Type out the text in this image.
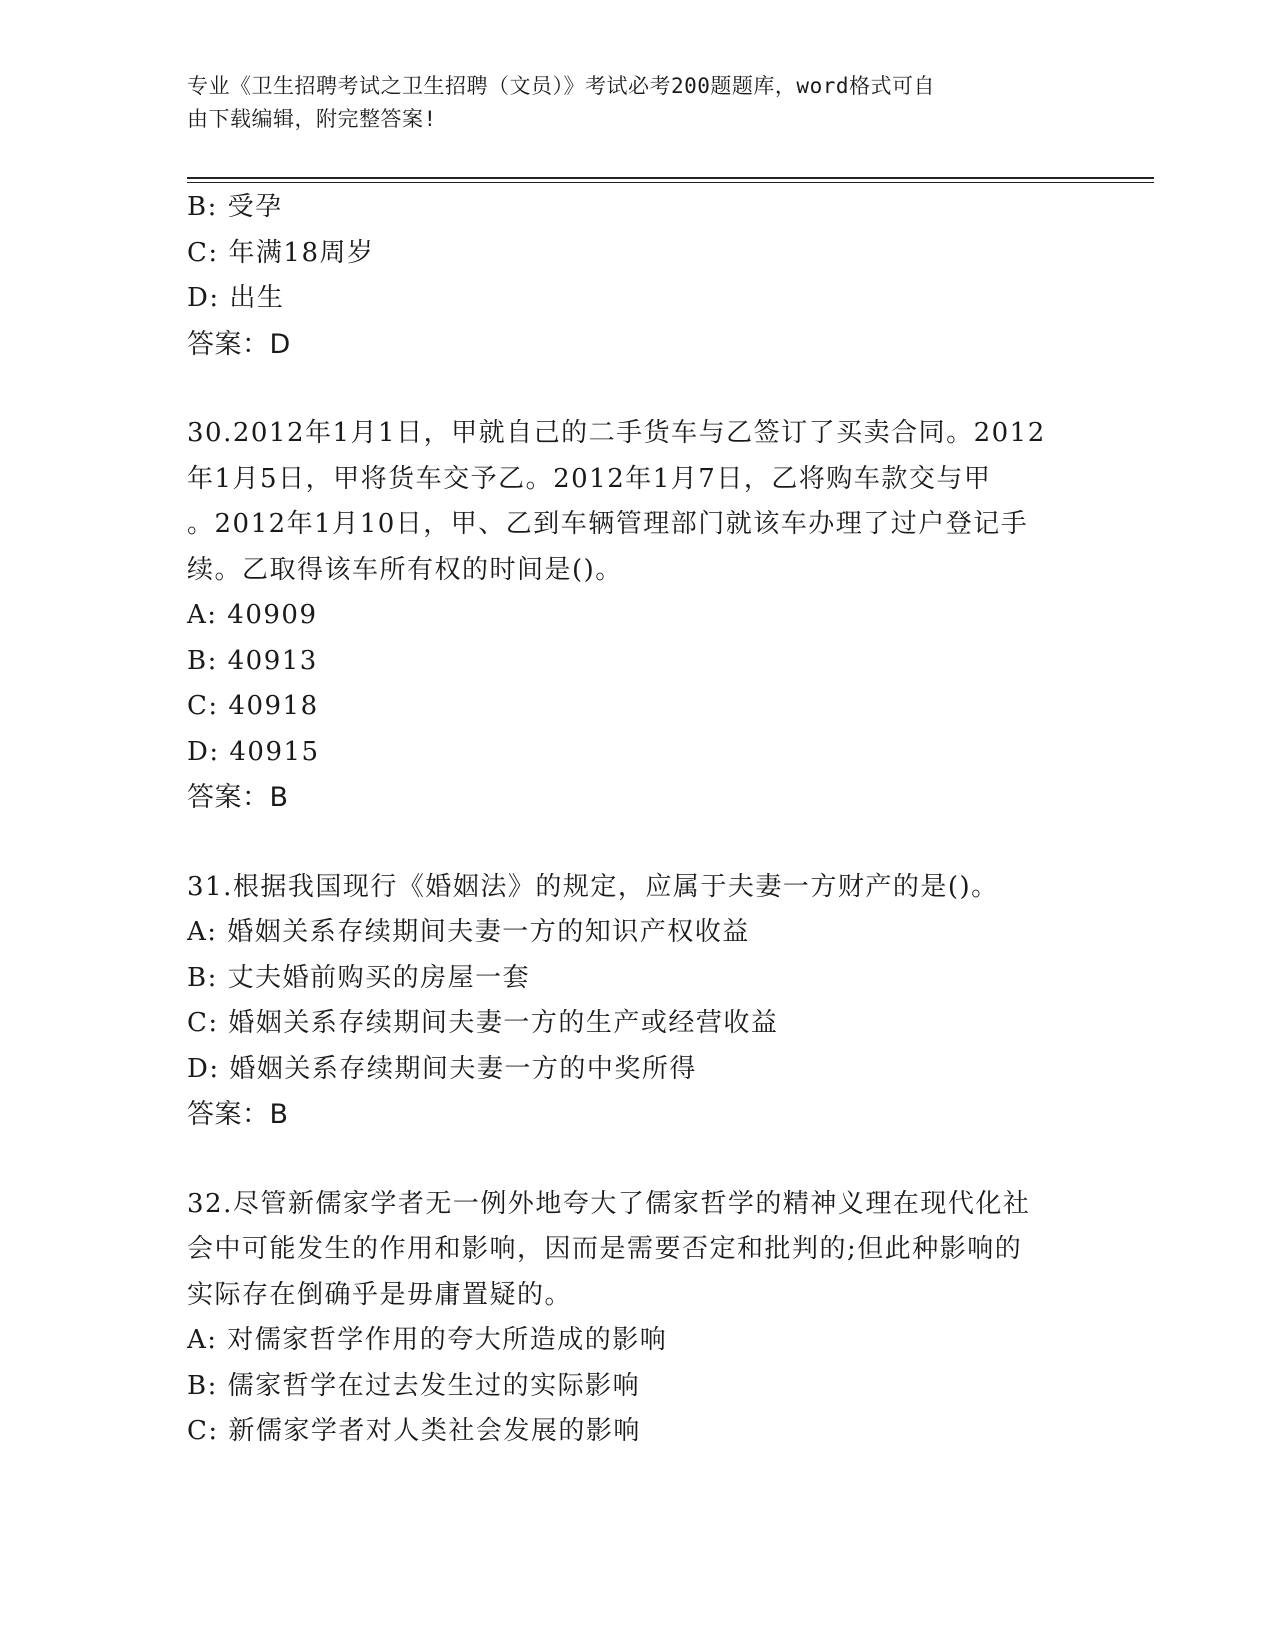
专业《卫生招聘考试之卫生招聘（文员）》考试必考200题题库，word格式可自
由下载编辑，附完整答案!
B: 受孕
C: 年满18周岁
D: 出生
答案：D
30.2012年1月1日，甲就自己的二手货车与乙签订了买卖合同。2012
年1月5日，甲将货车交予乙。2012年1月7日，乙将购车款交与甲
。2012年1月10日，甲、乙到车辆管理部门就该车办理了过户登记手
续。乙取得该车所有权的时间是()。
A: 40909
B: 40913
C: 40918
D: 40915
答案：B
31.根据我国现行《婚姻法》的规定，应属于夫妻一方财产的是()。
A: 婚姻关系存续期间夫妻一方的知识产权收益
B: 丈夫婚前购买的房屋一套
C: 婚姻关系存续期间夫妻一方的生产或经营收益
D: 婚姻关系存续期间夫妻一方的中奖所得
答案：B
32.尽管新儒家学者无一例外地夸大了儒家哲学的精神义理在现代化社
会中可能发生的作用和影响，因而是需要否定和批判的;但此种影响的
实际存在倒确乎是毋庸置疑的。
A: 对儒家哲学作用的夸大所造成的影响
B: 儒家哲学在过去发生过的实际影响
C: 新儒家学者对人类社会发展的影响
